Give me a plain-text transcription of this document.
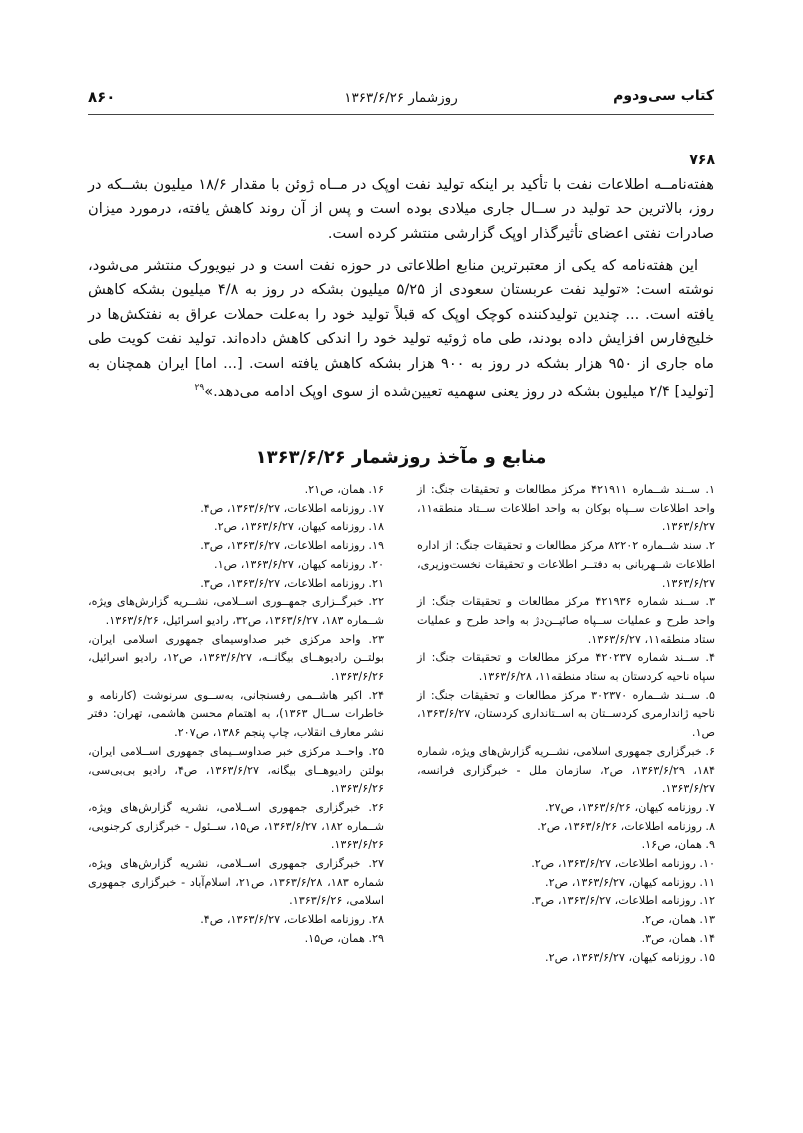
۸۶۰	روزشمار ۱۳۶۳/۶/۲۶	کتاب سی‌ودوم
۷۶۸

هفته‌نامــه اطلاعات نفت با تأکید بر اینکه تولید نفت اوپک در مــاه ژوئن با مقدار ۱۸/۶ میلیون بشــکه در روز، بالاترین حد تولید در ســال جاری میلادی بوده است و پس از آن روند کاهش یافته، درمورد میزان صادرات نفتی اعضای تأثیرگذار اوپک گزارشی منتشر کرده است.

این هفته‌نامه که یکی از معتبرترین منابع اطلاعاتی در حوزه نفت است و در نیویورک منتشر می‌شود، نوشته است: «تولید نفت عربستان سعودی از ۵/۲۵ میلیون بشکه در روز به ۴/۸ میلیون بشکه کاهش یافته است. ... چندین تولیدکننده کوچک اوپک که قبلاً تولید خود را به‌علت حملات عراق به نفتکش‌ها در خلیج‌فارس افزایش داده بودند، طی ماه ژوئیه تولید خود را اندکی کاهش داده‌اند. تولید نفت کویت طی ماه جاری از ۹۵۰ هزار بشکه در روز به ۹۰۰ هزار بشکه کاهش یافته است. [... اما] ایران همچنان به [تولید] ۲/۴ میلیون بشکه در روز یعنی سهمیه تعیین‌شده از سوی اوپک ادامه می‌دهد.»$^{۲۹}$

منابع و مآخذ روزشمار ۱۳۶۳/۶/۲۶

۱. ســند شــماره ۴۲۱۹۱۱ مرکز مطالعات و تحقیقات جنگ: از واحد اطلاعات ســپاه بوکان به واحد اطلاعات ســتاد منطقه۱۱، ۱۳۶۳/۶/۲۷.

۲. سند شــماره ۸۲۲۰۲ مرکز مطالعات و تحقیقات جنگ: از اداره اطلاعات شــهربانی به دفتــر اطلاعات و تحقیقات نخست‌وزیری، ۱۳۶۳/۶/۲۷.

۳. ســند شماره ۴۲۱۹۳۶ مرکز مطالعات و تحقیقات جنگ: از واحد طرح و عملیات ســپاه صائیــن‌دژ به واحد طرح و عملیات ستاد منطقه۱۱، ۱۳۶۳/۶/۲۷.

۴. ســند شماره ۴۲۰۲۳۷ مرکز مطالعات و تحقیقات جنگ: از سپاه ناحیه کردستان به ستاد منطقه۱۱، ۱۳۶۳/۶/۲۸.

۵. ســند شــماره ۳۰۲۳۷۰ مرکز مطالعات و تحقیقات جنگ: از ناحیه ژاندارمری کردســتان به اســتانداری کردستان، ۱۳۶۳/۶/۲۷، ص۱.

۶. خبرگزاری جمهوری اسلامی، نشــریه گزارش‌های ویژه، شماره ۱۸۴، ۱۳۶۳/۶/۲۹، ص۲، سازمان ملل - خبرگزاری فرانسه، ۱۳۶۳/۶/۲۷.

۷. روزنامه کیهان، ۱۳۶۳/۶/۲۶، ص۲۷.

۸. روزنامه اطلاعات، ۱۳۶۳/۶/۲۶، ص۲.

۹. همان، ص۱۶.

۱۰. روزنامه اطلاعات، ۱۳۶۳/۶/۲۷، ص۲.

۱۱. روزنامه کیهان، ۱۳۶۳/۶/۲۷، ص۲.

۱۲. روزنامه اطلاعات، ۱۳۶۳/۶/۲۷، ص۳.

۱۳. همان، ص۲.

۱۴. همان، ص۳.

۱۵. روزنامه کیهان، ۱۳۶۳/۶/۲۷، ص۲.

۱۶. همان، ص۲۱.

۱۷. روزنامه اطلاعات، ۱۳۶۳/۶/۲۷، ص۴.

۱۸. روزنامه کیهان، ۱۳۶۳/۶/۲۷، ص۲.

۱۹. روزنامه اطلاعات، ۱۳۶۳/۶/۲۷، ص۳.

۲۰. روزنامه کیهان، ۱۳۶۳/۶/۲۷، ص۱.

۲۱. روزنامه اطلاعات، ۱۳۶۳/۶/۲۷، ص۳.

۲۲. خبرگــزاری جمهــوری اســلامی، نشــریه گزارش‌های ویژه، شــماره ۱۸۳، ۱۳۶۳/۶/۲۷، ص۳۲، رادیو اسرائیل، ۱۳۶۳/۶/۲۶.

۲۳. واحد مرکزی خبر صداوسیمای جمهوری اسلامی ایران، بولتــن رادیوهــای بیگانــه، ۱۳۶۳/۶/۲۷، ص۱۲، رادیو اسرائیل، ۱۳۶۳/۶/۲۶.

۲۴. اکبر هاشــمی رفسنجانی، به‌ســوی سرنوشت (کارنامه و خاطرات ســال ۱۳۶۳)، به اهتمام محسن هاشمی، تهران: دفتر نشر معارف انقلاب، چاپ پنجم ۱۳۸۶، ص۲۰۷.

۲۵. واحــد مرکزی خبر صداوســیمای جمهوری اســلامی ایران، بولتن رادیوهــای بیگانه، ۱۳۶۳/۶/۲۷، ص۴، رادیو بی‌بی‌سی، ۱۳۶۳/۶/۲۶.

۲۶. خبرگزاری جمهوری اســلامی، نشریه گزارش‌های ویژه، شــماره ۱۸۲، ۱۳۶۳/۶/۲۷، ص۱۵، ســئول - خبرگزاری کرجنوبی، ۱۳۶۳/۶/۲۶.

۲۷. خبرگزاری جمهوری اســلامی، نشریه گزارش‌های ویژه، شماره ۱۸۳، ۱۳۶۳/۶/۲۸، ص۲۱، اسلام‌آباد - خبرگزاری جمهوری اسلامی، ۱۳۶۳/۶/۲۶.

۲۸. روزنامه اطلاعات، ۱۳۶۳/۶/۲۷، ص۴.

۲۹. همان، ص۱۵.
